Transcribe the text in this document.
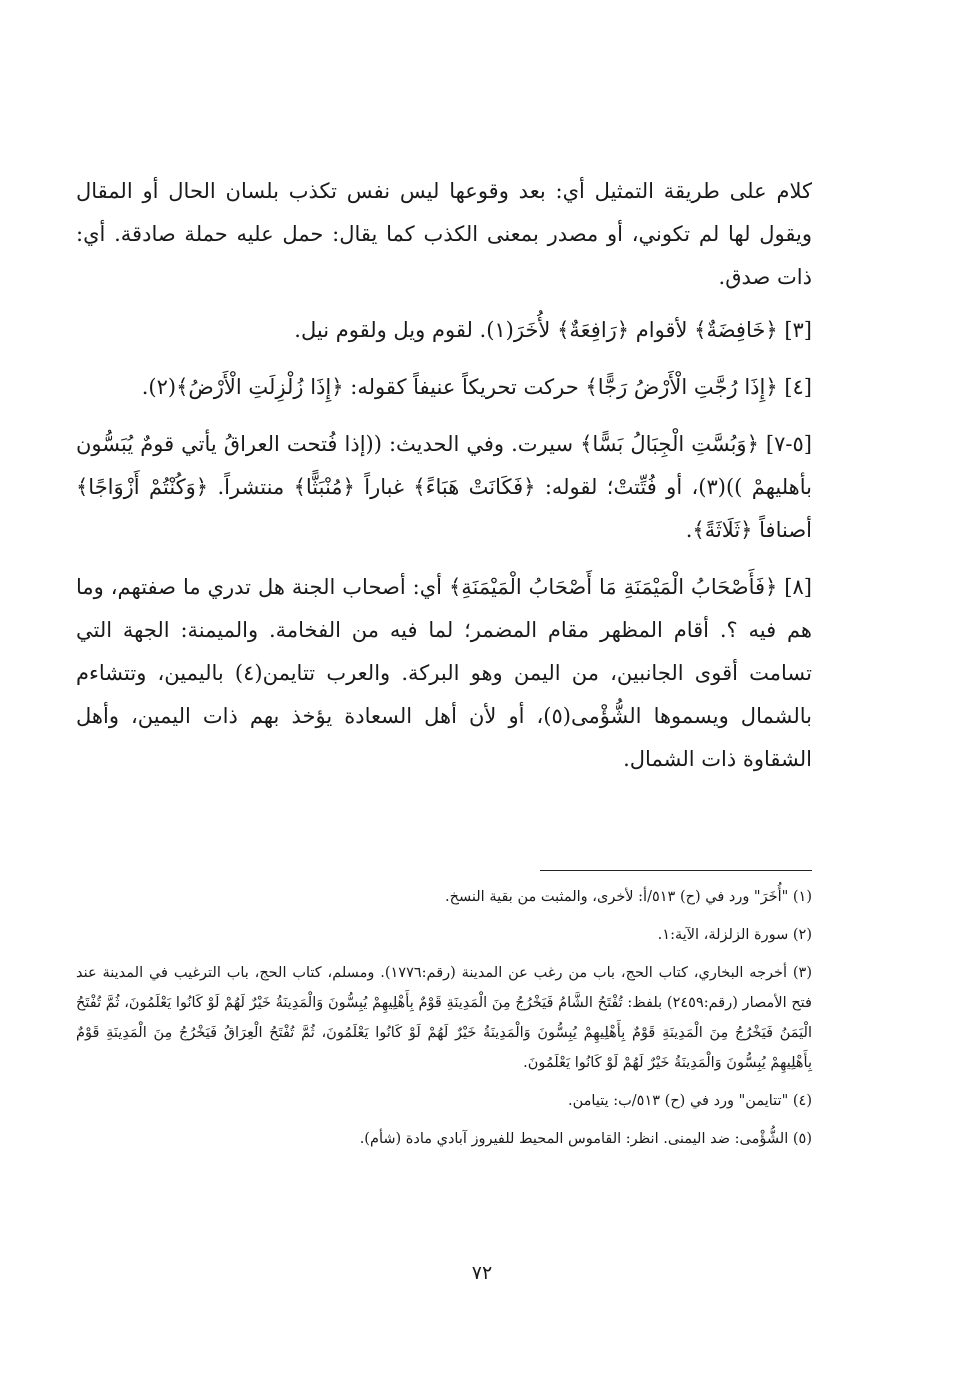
كلام على طريقة التمثيل أي: بعد وقوعها ليس نفس تكذب بلسان الحال أو المقال ويقول لها لم تكوني، أو مصدر بمعنى الكذب كما يقال: حمل عليه حملة صادقة. أي: ذات صدق.

[٣] ﴿خَافِضَةٌ﴾ لأقوام ﴿رَافِعَةٌ﴾ لأُخَرَ(١). لقوم ويل ولقوم نيل.

[٤] ﴿إِذَا رُجَّتِ الْأَرْضُ رَجًّا﴾ حركت تحريكاً عنيفاً كقوله: ﴿إِذَا زُلْزِلَتِ الْأَرْضُ﴾(٢).

[٥-٧] ﴿وَبُسَّتِ الْجِبَالُ بَسًّا﴾ سيرت. وفي الحديث: ((إذا فُتحت العراقُ يأتي قومٌ يُبَسُّون بأهليهمْ ))(٣)، أو فُتِّتتْ؛ لقوله: ﴿فَكَانَتْ هَبَاءً﴾ غباراً ﴿مُنْبَثًّا﴾ منتشراً. ﴿وَكُنْتُمْ أَزْوَاجًا﴾ أصنافاً ﴿ثَلَاثَةً﴾.

[٨] ﴿فَأَصْحَابُ الْمَيْمَنَةِ مَا أَصْحَابُ الْمَيْمَنَةِ﴾ أي: أصحاب الجنة هل تدري ما صفتهم، وما هم فيه ؟. أقام المظهر مقام المضمر؛ لما فيه من الفخامة. والميمنة: الجهة التي تسامت أقوى الجانبين، من اليمن وهو البركة. والعرب تتايمن(٤) باليمين، وتتشاءم بالشمال ويسموها الشُّؤْمى(٥)، أو لأن أهل السعادة يؤخذ بهم ذات اليمين، وأهل الشقاوة ذات الشمال.

(١) "أُخَرَ" ورد في (ح) ٥١٣/أ: لأخرى، والمثبت من بقية النسخ.

(٢) سورة الزلزلة، الآية:١.

(٣) أخرجه البخاري، كتاب الحج، باب من رغب عن المدينة (رقم:١٧٧٦). ومسلم، كتاب الحج، باب الترغيب في المدينة عند فتح الأمصار (رقم:٢٤٥٩) بلفظ: تُفْتَحُ الشَّامُ فَيَخْرُجُ مِنَ الْمَدِينَةِ قَوْمٌ بِأَهْلِيهِمْ يُبِسُّونَ وَالْمَدِينَةُ خَيْرٌ لَهُمْ لَوْ كَانُوا يَعْلَمُونَ، ثُمَّ تُفْتَحُ الْيَمَنُ فَيَخْرُجُ مِنَ الْمَدِينَةِ قَوْمٌ بِأَهْلِيهِمْ يُبِسُّونَ وَالْمَدِينَةُ خَيْرٌ لَهُمْ لَوْ كَانُوا يَعْلَمُونَ، ثُمَّ تُفْتَحُ الْعِرَاقُ فَيَخْرُجُ مِنَ الْمَدِينَةِ قَوْمٌ بِأَهْلِيهِمْ يُبِسُّونَ وَالْمَدِينَةُ خَيْرٌ لَهُمْ لَوْ كَانُوا يَعْلَمُونَ.

(٤) "تتايمن" ورد في (ح) ٥١٣/ب: يتيامن.

(٥) الشُّؤْمى: ضد اليمنى. انظر: القاموس المحيط للفيروز آبادي مادة (شأم).

٧٢
